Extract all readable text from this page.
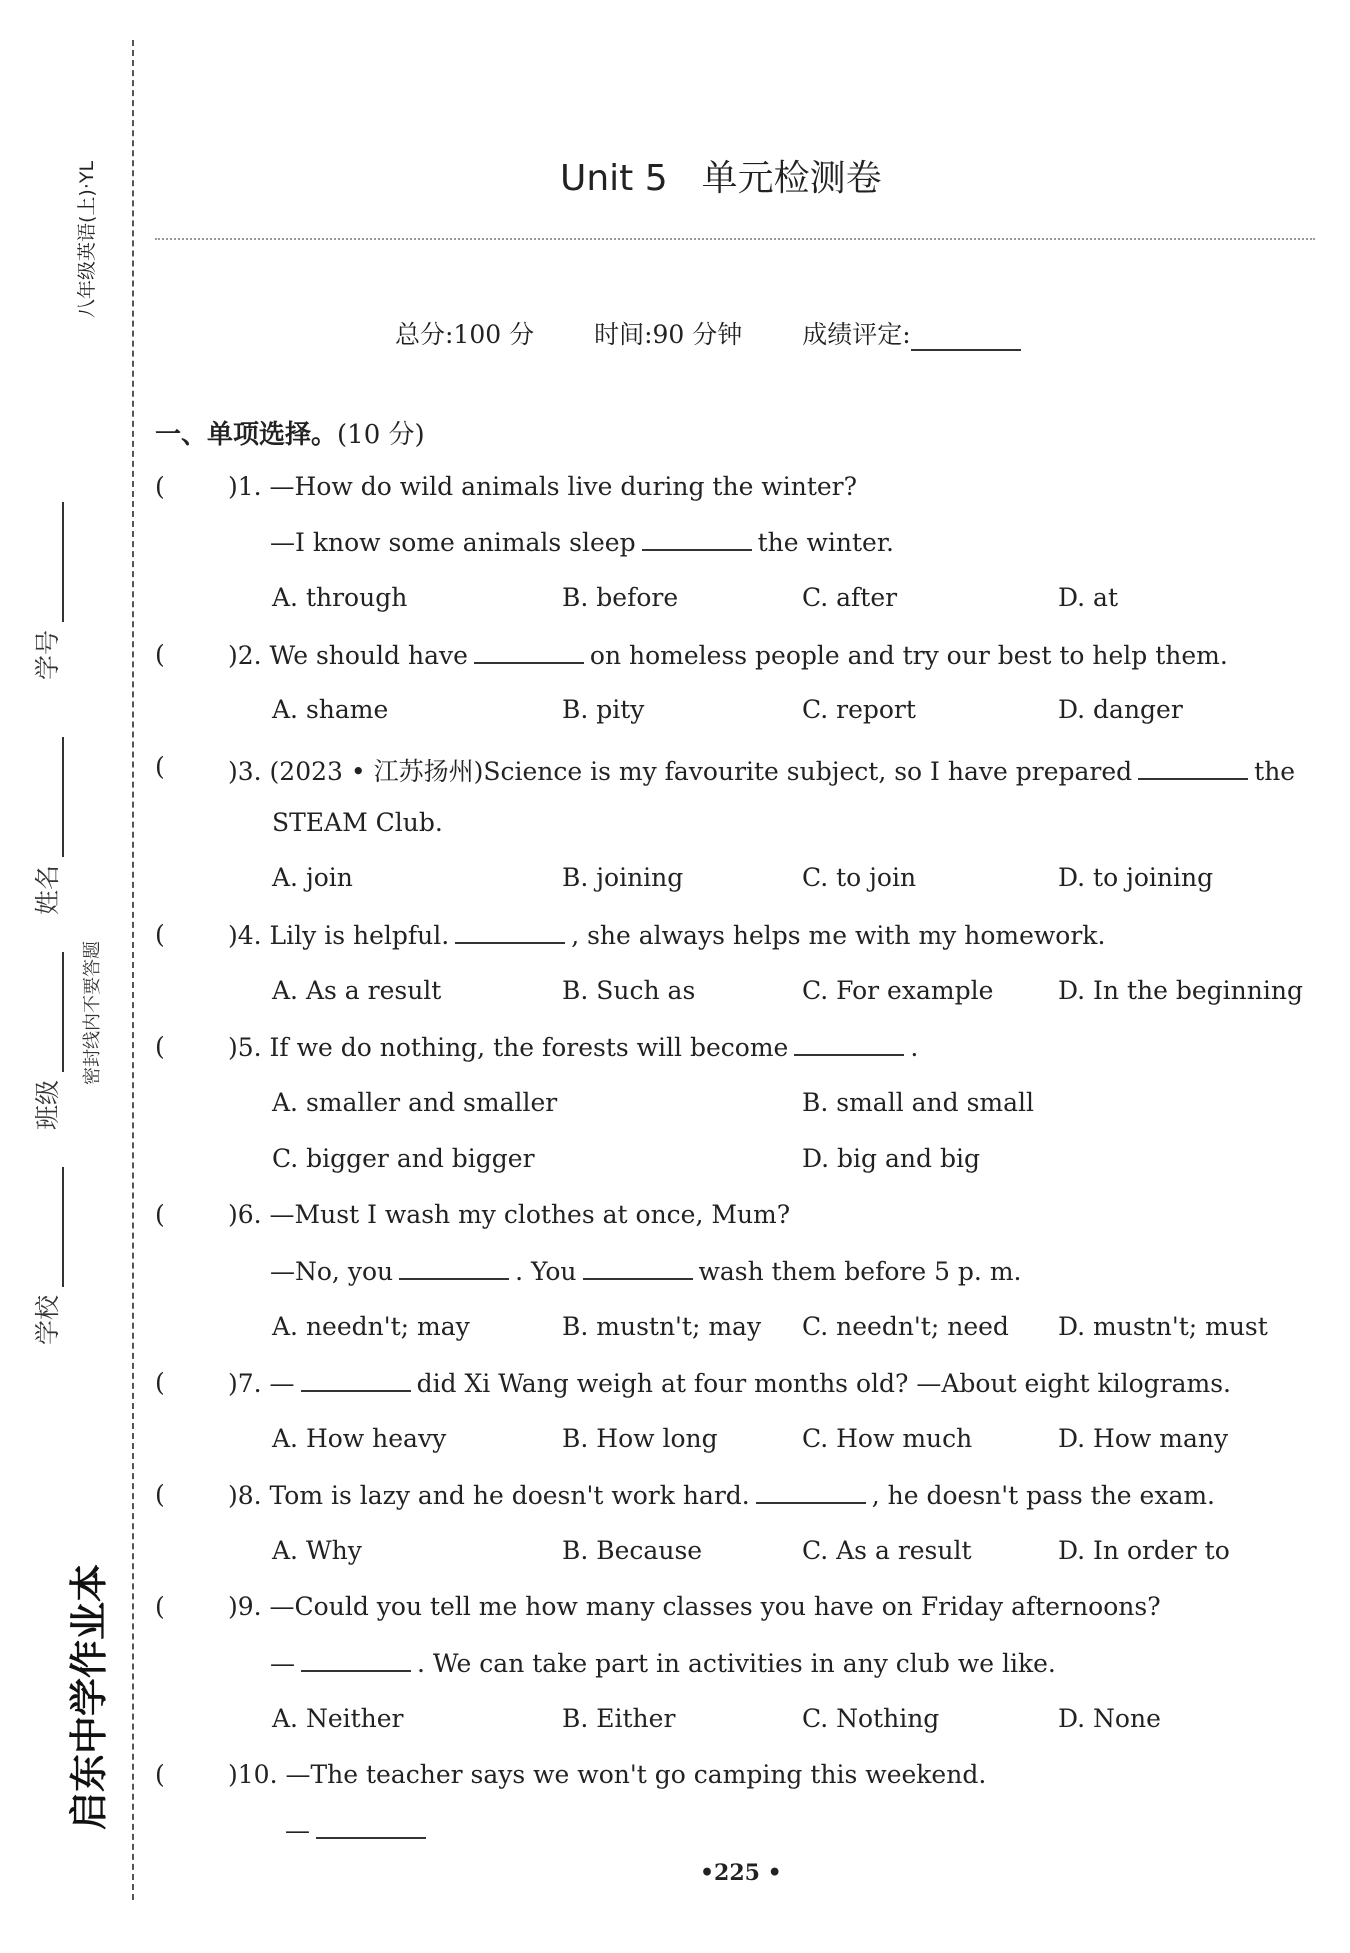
八年级英语(上)·YL
学号
姓名
班级
学校
密封线内不要答题
启东中学作业本
Unit 5 单元检测卷
总分:100 分 时间:90 分钟 成绩评定:
一、单项选择。(10 分)
(	)1. —How do wild animals live during the winter?
—I know some animals sleep	the winter.
A. through	B. before	C. after	D. at
(	)2. We should have	on homeless people and try our best to help them.
A. shame	B. pity	C. report	D. danger
(	)3. (2023 • 江苏扬州)Science is my favourite subject, so I have prepared	the
STEAM Club.
A. join	B. joining	C. to join	D. to joining
(	)4. Lily is helpful.	, she always helps me with my homework.
A. As a result	B. Such as	C. For example	D. In the beginning
(	)5. If we do nothing, the forests will become	.
A. smaller and smaller	B. small and small
C. bigger and bigger	D. big and big
(	)6. —Must I wash my clothes at once, Mum?
—No, you	. You	wash them before 5 p. m.
A. needn't; may	B. mustn't; may C. needn't; need D. mustn't; must
(	)7. —	did Xi Wang weigh at four months old? —About eight kilograms.
A. How heavy	B. How long	C. How much	D. How many
(	)8. Tom is lazy and he doesn't work hard.	, he doesn't pass the exam.
A. Why	B. Because	C. As a result	D. In order to
(	)9. —Could you tell me how many classes you have on Friday afternoons?
—	. We can take part in activities in any club we like.
A. Neither	B. Either	C. Nothing	D. None
(	)10. —The teacher says we won't go camping this weekend.
—
•225 •
